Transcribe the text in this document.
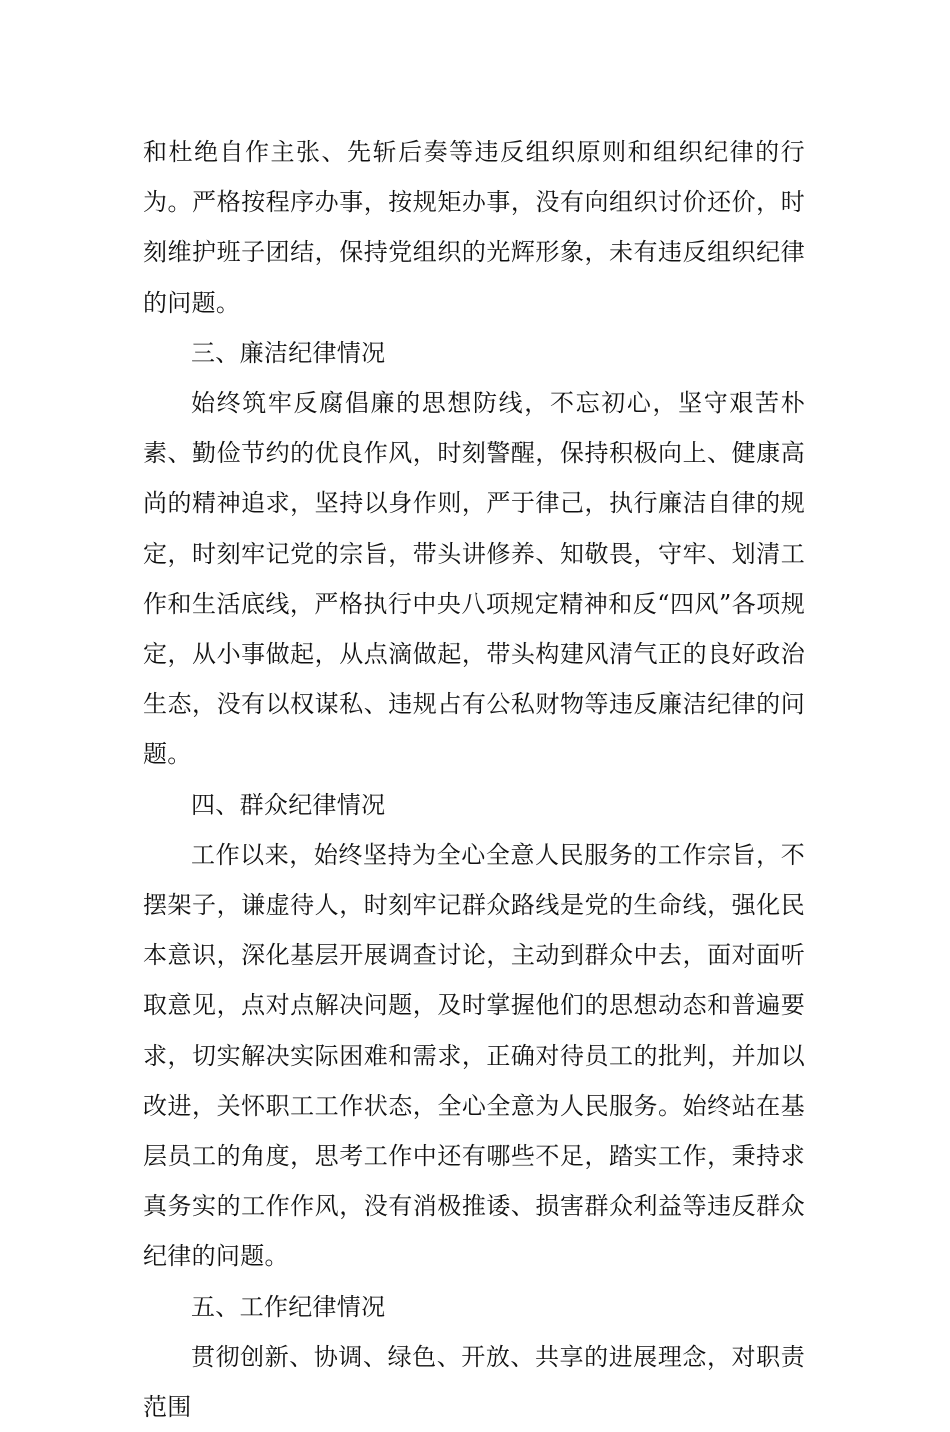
和杜绝自作主张、先斩后奏等违反组织原则和组织纪律的行为。严格按程序办事，按规矩办事，没有向组织讨价还价，时刻维护班子团结，保持党组织的光辉形象，未有违反组织纪律的问题。

三、廉洁纪律情况

始终筑牢反腐倡廉的思想防线，不忘初心，坚守艰苦朴素、勤俭节约的优良作风，时刻警醒，保持积极向上、健康高尚的精神追求，坚持以身作则，严于律己，执行廉洁自律的规定，时刻牢记党的宗旨，带头讲修养、知敬畏，守牢、划清工作和生活底线，严格执行中央八项规定精神和反“四风”各项规定，从小事做起，从点滴做起，带头构建风清气正的良好政治生态，没有以权谋私、违规占有公私财物等违反廉洁纪律的问题。

四、群众纪律情况

工作以来，始终坚持为全心全意人民服务的工作宗旨，不摆架子，谦虚待人，时刻牢记群众路线是党的生命线，强化民本意识，深化基层开展调查讨论，主动到群众中去，面对面听取意见，点对点解决问题，及时掌握他们的思想动态和普遍要求，切实解决实际困难和需求，正确对待员工的批判，并加以改进，关怀职工工作状态，全心全意为人民服务。始终站在基层员工的角度，思考工作中还有哪些不足，踏实工作，秉持求真务实的工作作风，没有消极推诿、损害群众利益等违反群众纪律的问题。

五、工作纪律情况

贯彻创新、协调、绿色、开放、共享的进展理念，对职责范围
